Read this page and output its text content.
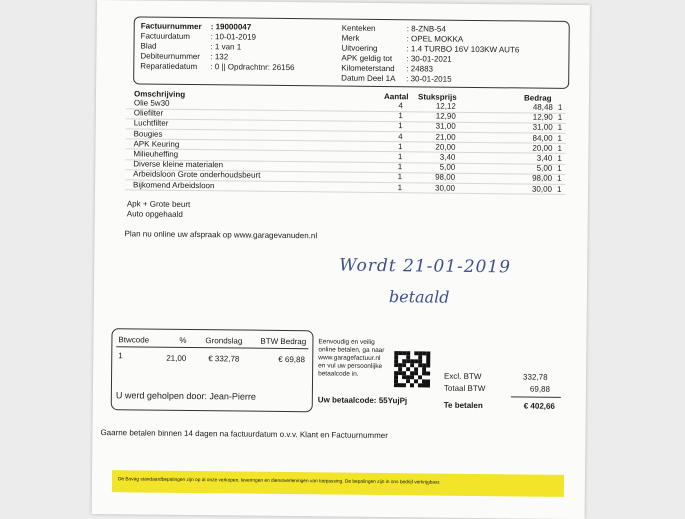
Factuurnummer : 19000047
Factuurdatum	: 10-01-2019
Blad	: 1 van 1
Debiteurnummer : 132
Reparatiedatum : 0 || Opdrachtnr: 26156
Kenteken	: 8-ZNB-54
Merk	: OPEL MOKKA
Uitvoering	: 1.4 TURBO 16V 103KW AUT6
APK geldig tot : 30-01-2021
Kilometerstand : 24883
Datum Deel 1A : 30-01-2015
Omschrijving	Aantal Stuksprijs	Bedrag
Olie 5w30	4	12,12	48,48 1
Oliefilter	1	12,90	12,90 1
Luchtfilter	1	31,00	31,00 1
Bougies	4	21,00	84,00 1
APK Keuring	1	20,00	20,00 1
Milieuheffing	1	3,40	3,40 1
Diverse kleine materialen	1	5,00	5,00 1
Arbeidsloon Grote onderhoudsbeurt	1	98,00	98,00 1
Bijkomend Arbeidsloon	1	30,00	30,00 1
Apk + Grote beurt
Auto opgehaald
Plan nu online uw afspraak op www.garagevanuden.nl
Wordt 21-01-2019
betaald
Btwcode	% Grondslag BTW Bedrag
1	21,00	€ 332,78	€ 69,88
U werd geholpen door: Jean-Pierre
Eenvoudig en veilig
online betalen, ga naar
www.garagefactuur.nl
en vul uw persoonlijke
betaalcode in.
Uw betaalcode: 55YujPj
Excl. BTW	332,78
Totaal BTW	69,88
Te betalen	€ 402,66
Gaarne betalen binnen 14 dagen na factuurdatum o.v.v. Klant en Factuurnummer
De Bovag standaardbepalingen zijn op al onze verkopen, leveringen en dienstverleningen van toepassing. De bepalingen zijn in ons bedrijf verkrijgbaar.
